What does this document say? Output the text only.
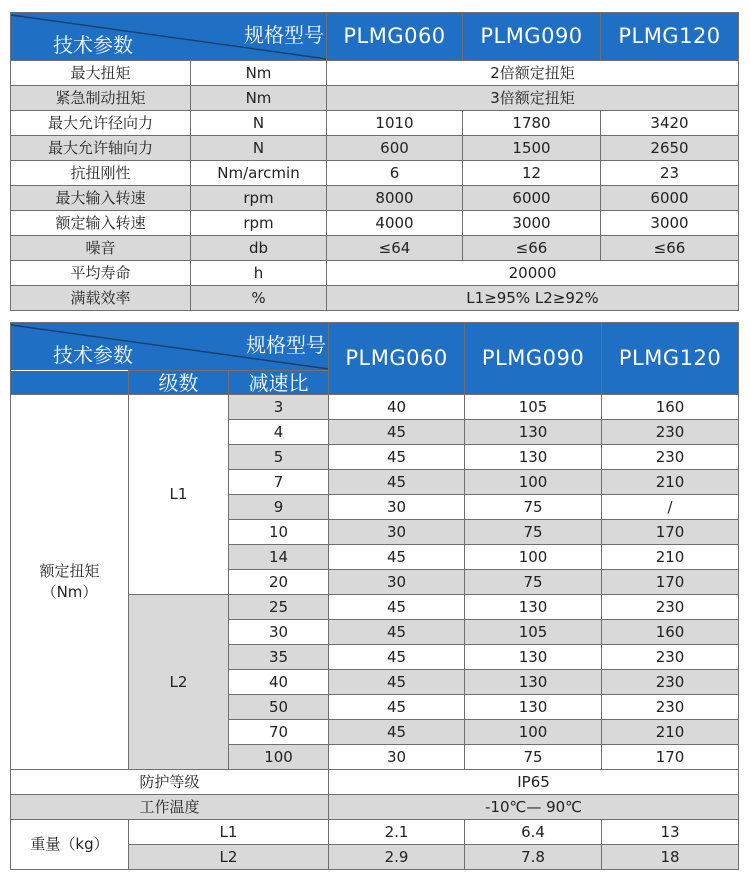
技术参数 规格型号		PLMG060	PLMG090	PLMG120
最大扭矩	Nm	2倍额定扭矩		
紧急制动扭矩	Nm	3倍额定扭矩		
最大允许径向力	N	1010	1780	3420
最大允许轴向力	N	600	1500	2650
抗扭刚性	Nm/arcmin	6	12	23
最大输入转速	rpm	8000	6000	6000
额定输入转速	rpm	4000	3000	3000
噪音	db	≤64	≤66	≤66
平均寿命	h	20000		
满载效率	%	L1≥95% L2≥92%		
技术参数 规格型号			PLMG060	PLMG090	PLMG120
	级数	减速比			
额定扭矩
（Nm）	L1	3	40	105	160
		4	45	130	230
		5	45	130	230
		7	45	100	210
		9	30	75	/
		10	30	75	170
		14	45	100	210
		20	30	75	170
	L2	25	45	130	230
		30	45	105	160
		35	45	130	230
		40	45	130	230
		50	45	130	230
		70	45	100	210
		100	30	75	170
防护等级			IP65		
工作温度			-10℃— 90℃		
重量（kg）	L1		2.1	6.4	13
	L2		2.9	7.8	18
